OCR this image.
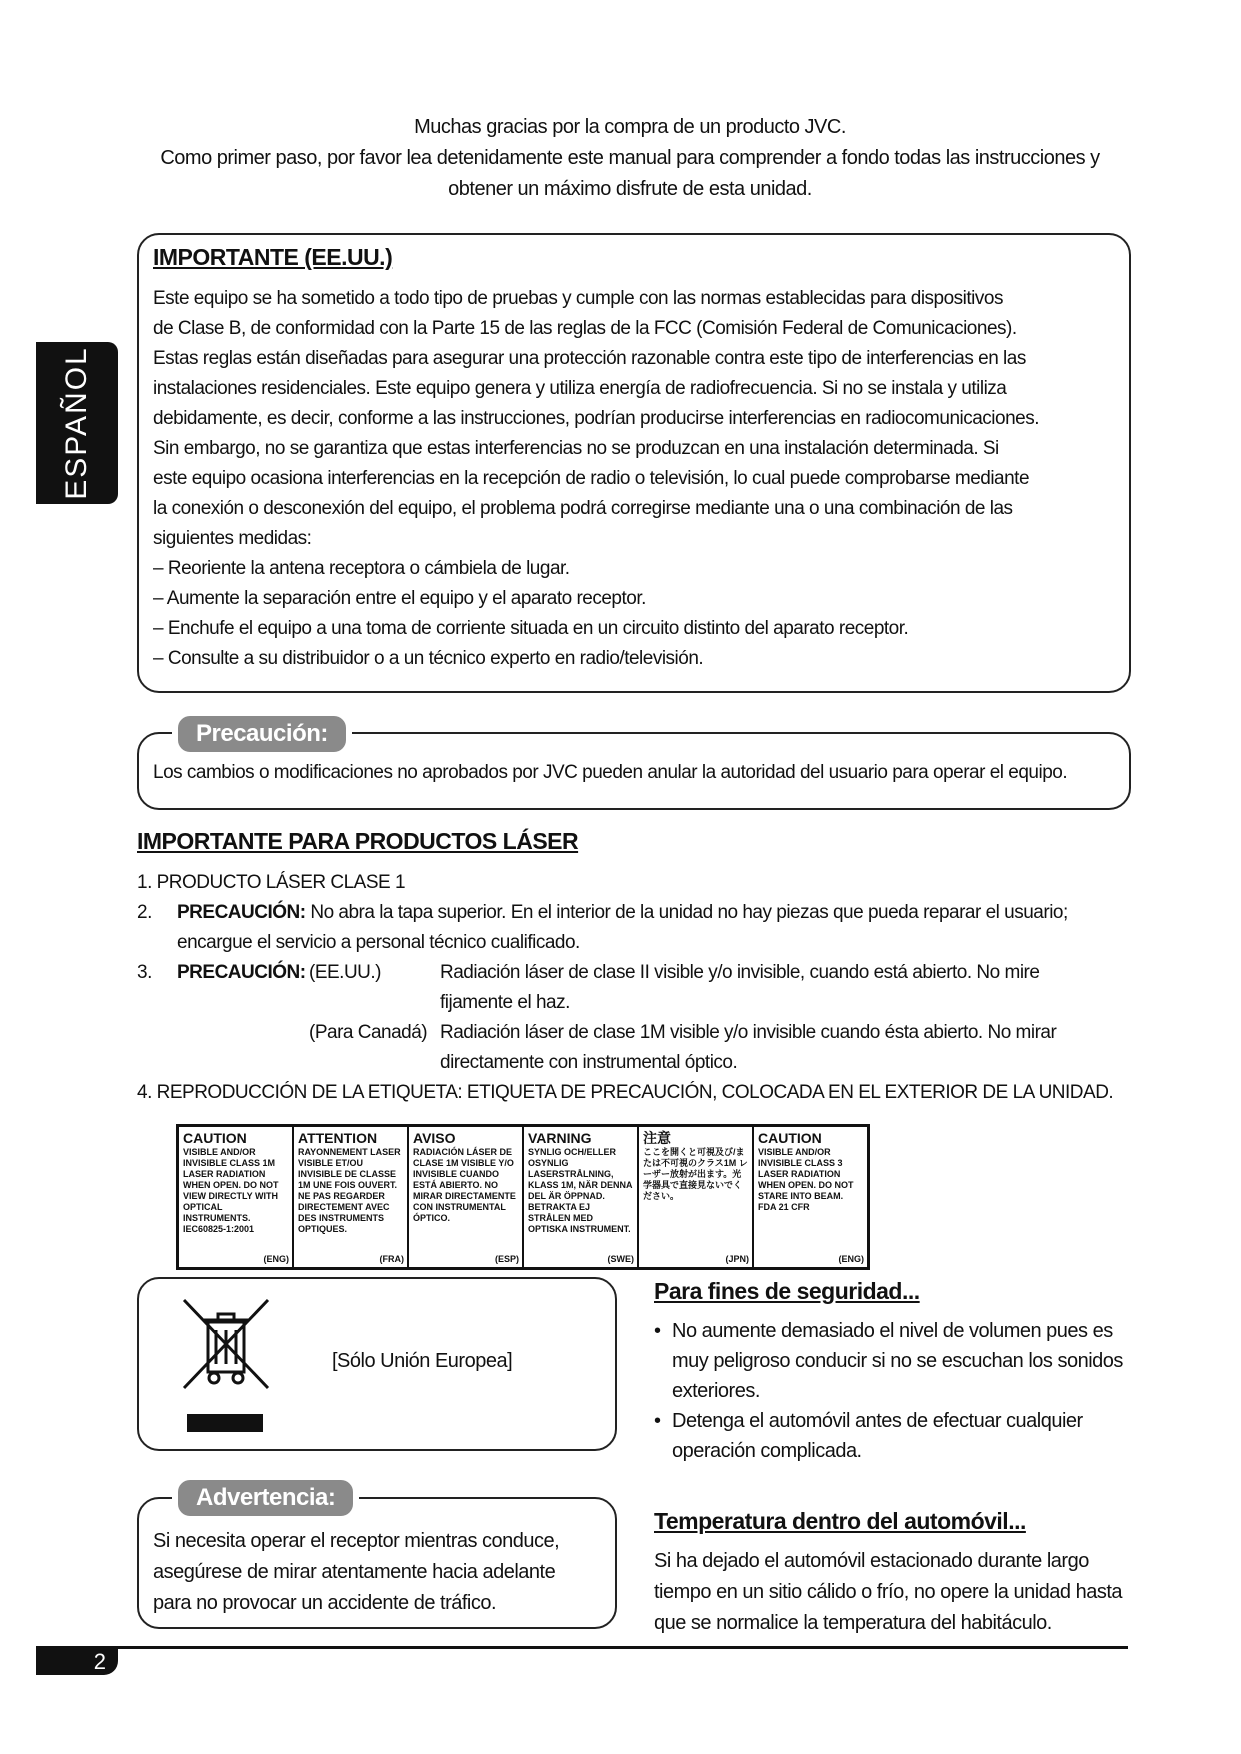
Muchas gracias por la compra de un producto JVC.
Como primer paso, por favor lea detenidamente este manual para comprender a fondo todas las instrucciones y
obtener un máximo disfrute de esta unidad.
ESPAÑOL
IMPORTANTE (EE.UU.)

Este equipo se ha sometido a todo tipo de pruebas y cumple con las normas establecidas para dispositivos

de Clase B, de conformidad con la Parte 15 de las reglas de la FCC (Comisión Federal de Comunicaciones).

Estas reglas están diseñadas para asegurar una protección razonable contra este tipo de interferencias en las

instalaciones residenciales. Este equipo genera y utiliza energía de radiofrecuencia. Si no se instala y utiliza

debidamente, es decir, conforme a las instrucciones, podrían producirse interferencias en radiocomunicaciones.

Sin embargo, no se garantiza que estas interferencias no se produzcan en una instalación determinada. Si

este equipo ocasiona interferencias en la recepción de radio o televisión, lo cual puede comprobarse mediante

la conexión o desconexión del equipo, el problema podrá corregirse mediante una o una combinación de las

siguientes medidas:

– Reoriente la antena receptora o cámbiela de lugar.

– Aumente la separación entre el equipo y el aparato receptor.

– Enchufe el equipo a una toma de corriente situada en un circuito distinto del aparato receptor.

– Consulte a su distribuidor o a un técnico experto en radio/televisión.

Precaución:
Los cambios o modificaciones no aprobados por JVC pueden anular la autoridad del usuario para operar el equipo.
IMPORTANTE PARA PRODUCTOS LÁSER
1. PRODUCTO LÁSER CLASE 1
2. PRECAUCIÓN: No abra la tapa superior. En el interior de la unidad no hay piezas que pueda reparar el usuario;
encargue el servicio a personal técnico cualificado.
3. PRECAUCIÓN: (EE.UU.)	Radiación láser de clase II visible y/o invisible, cuando está abierto. No mire
fijamente el haz.
(Para Canadá) Radiación láser de clase 1M visible y/o invisible cuando ésta abierto. No mirar

directamente con instrumental óptico.
4. REPRODUCCIÓN DE LA ETIQUETA: ETIQUETA DE PRECAUCIÓN, COLOCADA EN EL EXTERIOR DE LA UNIDAD.
CAUTION
VISIBLE AND/OR INVISIBLE CLASS 1M LASER RADIATION WHEN OPEN. DO NOT VIEW DIRECTLY WITH OPTICAL INSTRUMENTS. IEC60825-1:2001
(ENG)
ATTENTION
RAYONNEMENT LASER VISIBLE ET/OU INVISIBLE DE CLASSE 1M UNE FOIS OUVERT. NE PAS REGARDER DIRECTEMENT AVEC DES INSTRUMENTS OPTIQUES.
(FRA)
AVISO
RADIACIÓN LÁSER DE CLASE 1M VISIBLE Y/O INVISIBLE CUANDO ESTÁ ABIERTO. NO MIRAR DIRECTAMENTE CON INSTRUMENTAL ÓPTICO.
(ESP)
VARNING
SYNLIG OCH/ELLER OSYNLIG LASERSTRÅLNING, KLASS 1M, NÄR DENNA DEL ÄR ÖPPNAD. BETRAKTA EJ STRÅLEN MED OPTISKA INSTRUMENT.
(SWE)
注意
ここを開くと可視及び/または不可視のクラス1M レーザー放射が出ます。光学器具で直接見ないでください。
(JPN)
CAUTION
VISIBLE AND/OR INVISIBLE CLASS 3 LASER RADIATION WHEN OPEN. DO NOT STARE INTO BEAM. FDA 21 CFR
(ENG)
[Sólo Unión Europea]
Advertencia:
Si necesita operar el receptor mientras conduce,
asegúrese de mirar atentamente hacia adelante
para no provocar un accidente de tráfico.
Para fines de seguridad...
• No aumente demasiado el nivel de volumen pues es muy peligroso conducir si no se escuchan los sonidos exteriores.
• Detenga el automóvil antes de efectuar cualquier operación complicada.
Temperatura dentro del automóvil...
Si ha dejado el automóvil estacionado durante largo tiempo en un sitio cálido o frío, no opere la unidad hasta que se normalice la temperatura del habitáculo.
2
